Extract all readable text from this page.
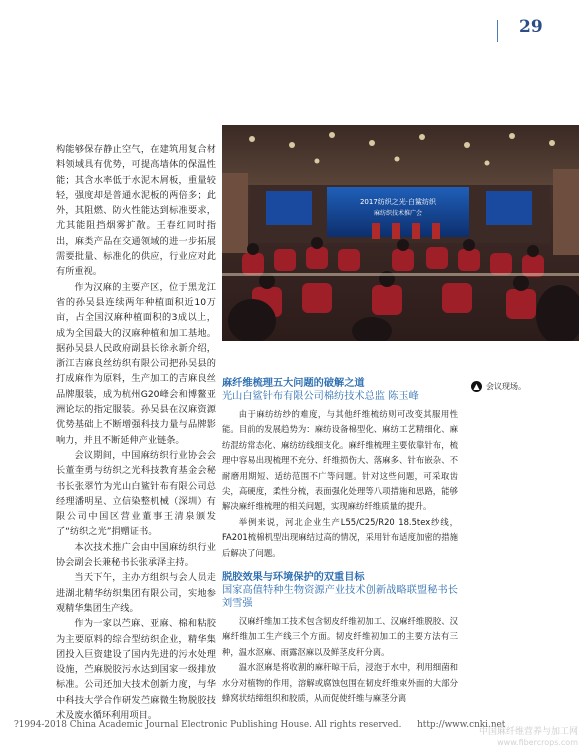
29

构能够保存静止空气，在建筑用复合材料领域具有优势，可提高墙体的保温性能；其含水率低于水泥木屑板，重量较轻，强度却是普通水泥板的两倍多；此外，其阻燃、防火性能达到标准要求，尤其能阻挡烟雾扩散。王春红同时指出，麻类产品在交通领域的进一步拓展需要批量、标准化的供应，行业应对此有所重视。

作为汉麻的主要产区，位于黑龙江省的孙吴县连续两年种植面积近10万亩，占全国汉麻种植面积的3成以上，成为全国最大的汉麻种植和加工基地。据孙吴县人民政府副县长徐永新介绍，浙江吉麻良丝纺织有限公司把孙吴县的打成麻作为原料，生产加工的吉麻良丝品牌服装，成为杭州G20峰会和博鳌亚洲论坛的指定服装。孙吴县在汉麻资源优势基础上不断增强科技力量与品牌影响力，并且不断延伸产业链条。

会议期间，中国麻纺织行业协会会长董奎勇与纺织之光科技教育基金会秘书长张翠竹为光山白鲨针布有限公司总经理潘明星、立信染整机械（深圳）有限公司中国区营业董事王清泉颁发了“纺织之光”捐赠证书。

本次技术推广会由中国麻纺织行业协会副会长兼秘书长张承泽主持。

当天下午，主办方组织与会人员走进湖北精华纺织集团有限公司，实地参观精华集团生产线。

作为一家以苎麻、亚麻、棉和粘胶为主要原料的综合型纺织企业，精华集团投入巨资建设了国内先进的污水处理设施，苎麻脱胶污水达到国家一级排放标准。公司还加大技术创新力度，与华中科技大学合作研发苎麻微生物脱胶技术及废水循环利用项目。

2017纺织之光·白鲨纺织
麻纺织技术推广会
▲ 会议现场。
麻纤维梳理五大问题的破解之道
光山白鲨针布有限公司棉纺技术总监 陈玉峰

由于麻纺纺纱的难度，与其他纤维梳纺则可改变其服用性能。目前的发展趋势为：麻纺设备棉型化、麻纺工艺精细化、麻纺混纺常态化、麻纺纺线细支化。麻纤维梳理主要依靠针布，梳理中容易出现梳理不充分、纤维损伤大、落麻多、针布嵌杂、不耐磨用期短、适纺范围不广等问题。针对这些问题，可采取齿尖，高硬度，柔性分梳，表面强化处理等八项措施和思路，能够解决麻纤维梳理的相关问题，实现麻纺纤维质量的提升。

举例来说，河北企业生产L55/C25/R20 18.5tex纱线，FA201梳棉机型出现麻结过高的情况，采用针布适度加密的措施后解决了问题。

脱胶效果与环境保护的双重目标
国家高值特种生物资源产业技术创新战略联盟秘书长 刘雪强

汉麻纤维加工技术包含韧皮纤维初加工、汉麻纤维脱胶、汉麻纤维加工生产线三个方面。韧皮纤维初加工的主要方法有三种，温水沤麻、雨露沤麻以及鲜茎皮秆分离。

温水沤麻是将收割的麻秆晾干后，浸泡于水中，利用细菌和水分对植物的作用，溶解或腐蚀包围在韧皮纤维束外面的大部分蜂窝状结缔组织和胶质，从而促使纤维与麻茎分离

?1994-2018 China Academic Journal Electronic Publishing House. All rights reserved. http://www.cnki.net
中国麻纤维营养与加工网
www.fibercrops.com
